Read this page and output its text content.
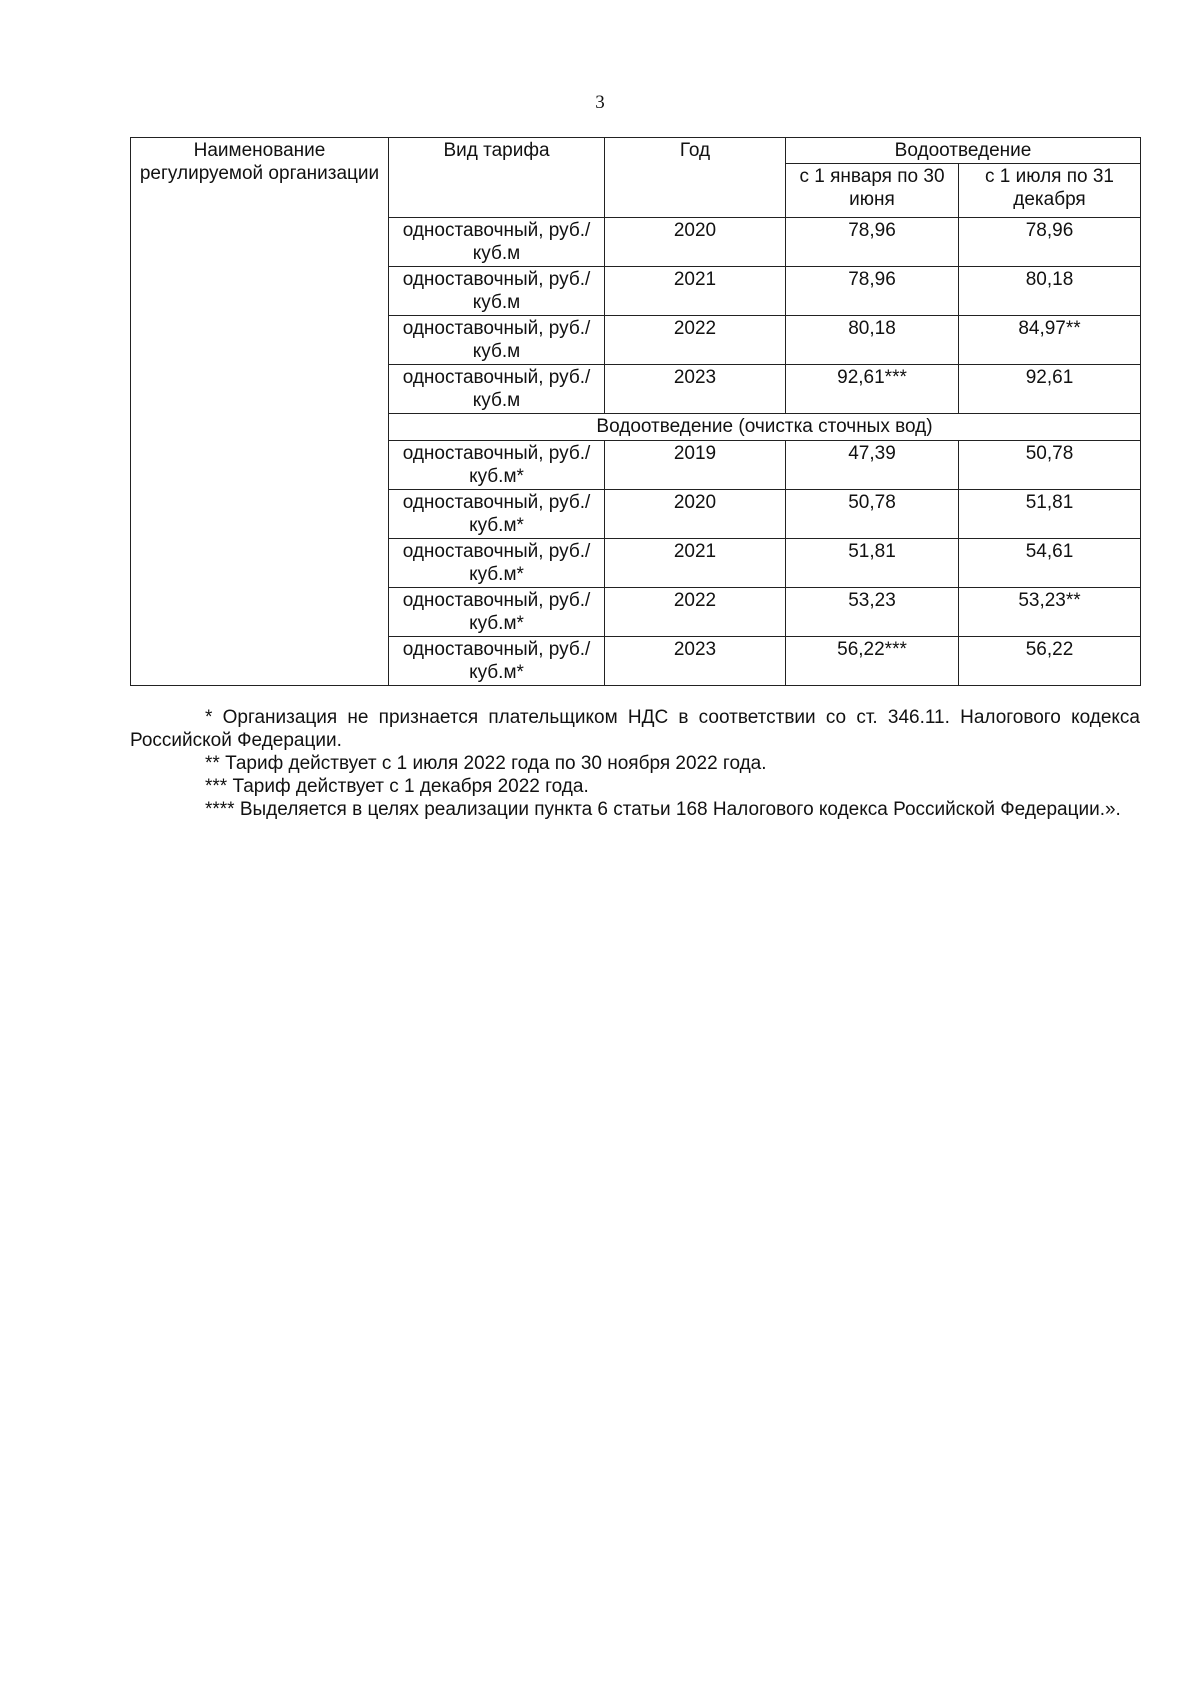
3
Наименование регулируемой организации	Вид тарифа	Год	Водоотведение	
			с 1 января по 30 июня	с 1 июля по 31 декабря
	одноставочный, руб./куб.м	2020	78,96	78,96
	одноставочный, руб./куб.м	2021	78,96	80,18
	одноставочный, руб./куб.м	2022	80,18	84,97**
	одноставочный, руб./куб.м	2023	92,61***	92,61
	Водоотведение (очистка сточных вод)			
	одноставочный, руб./куб.м*	2019	47,39	50,78
	одноставочный, руб./куб.м*	2020	50,78	51,81
	одноставочный, руб./куб.м*	2021	51,81	54,61
	одноставочный, руб./куб.м*	2022	53,23	53,23**
	одноставочный, руб./куб.м*	2023	56,22***	56,22

* Организация не признается плательщиком НДС в соответствии со ст. 346.11. Налогового кодекса Российской Федерации.

** Тариф действует с 1 июля 2022 года по 30 ноября 2022 года.

*** Тариф действует с 1 декабря 2022 года.

**** Выделяется в целях реализации пункта 6 статьи 168 Налогового кодекса Российской Федерации.».
